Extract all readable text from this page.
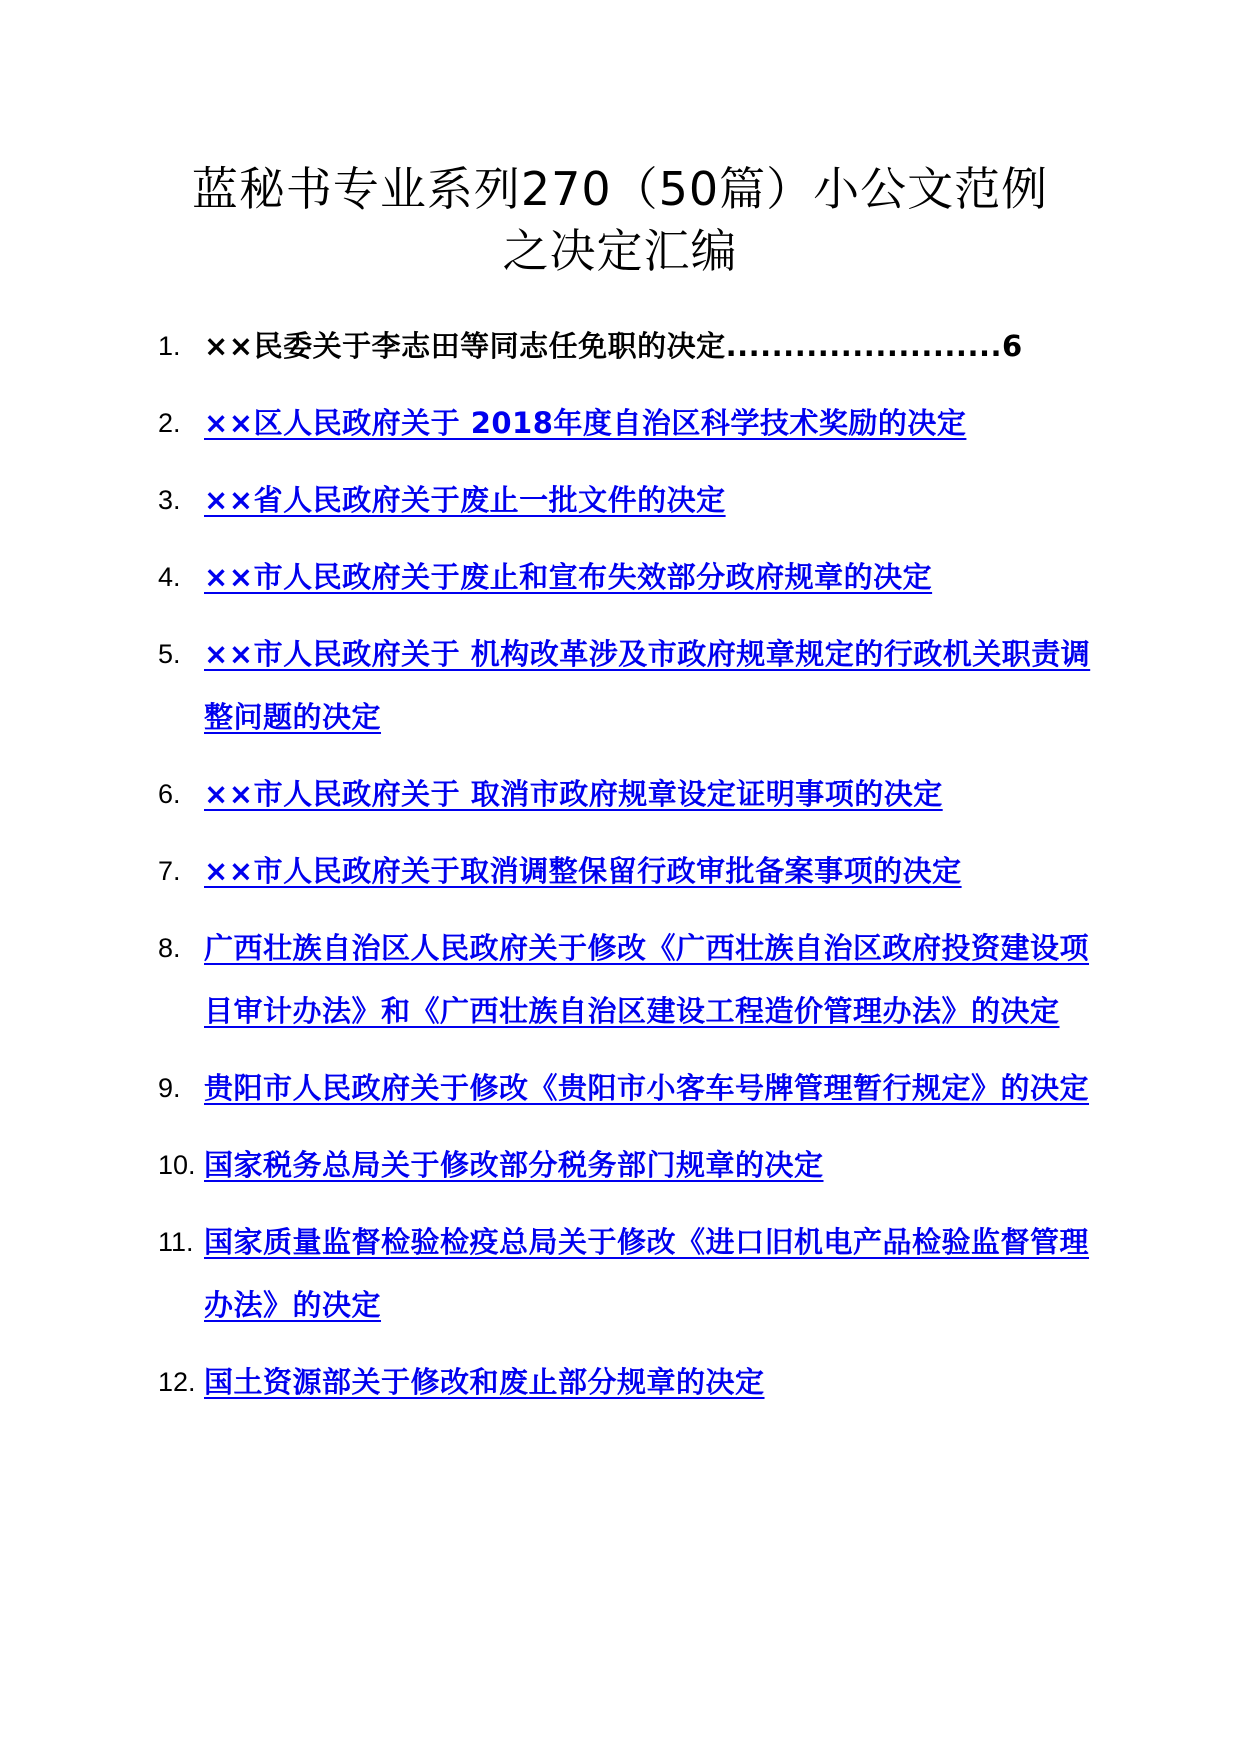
蓝秘书专业系列270（50篇）小公文范例
之决定汇编
1. ××民委关于李志田等同志任免职的决定........................6
2. ××区人民政府关于 2018年度自治区科学技术奖励的决定
3. ××省人民政府关于废止一批文件的决定
4. ××市人民政府关于废止和宣布失效部分政府规章的决定
5. ××市人民政府关于 机构改革涉及市政府规章规定的行政机关职责调整问题的决定
6. ××市人民政府关于 取消市政府规章设定证明事项的决定
7. ××市人民政府关于取消调整保留行政审批备案事项的决定
8. 广西壮族自治区人民政府关于修改《广西壮族自治区政府投资建设项目审计办法》和《广西壮族自治区建设工程造价管理办法》的决定
9. 贵阳市人民政府关于修改《贵阳市小客车号牌管理暂行规定》的决定
10. 国家税务总局关于修改部分税务部门规章的决定
11. 国家质量监督检验检疫总局关于修改《进口旧机电产品检验监督管理办法》的决定
12. 国土资源部关于修改和废止部分规章的决定
